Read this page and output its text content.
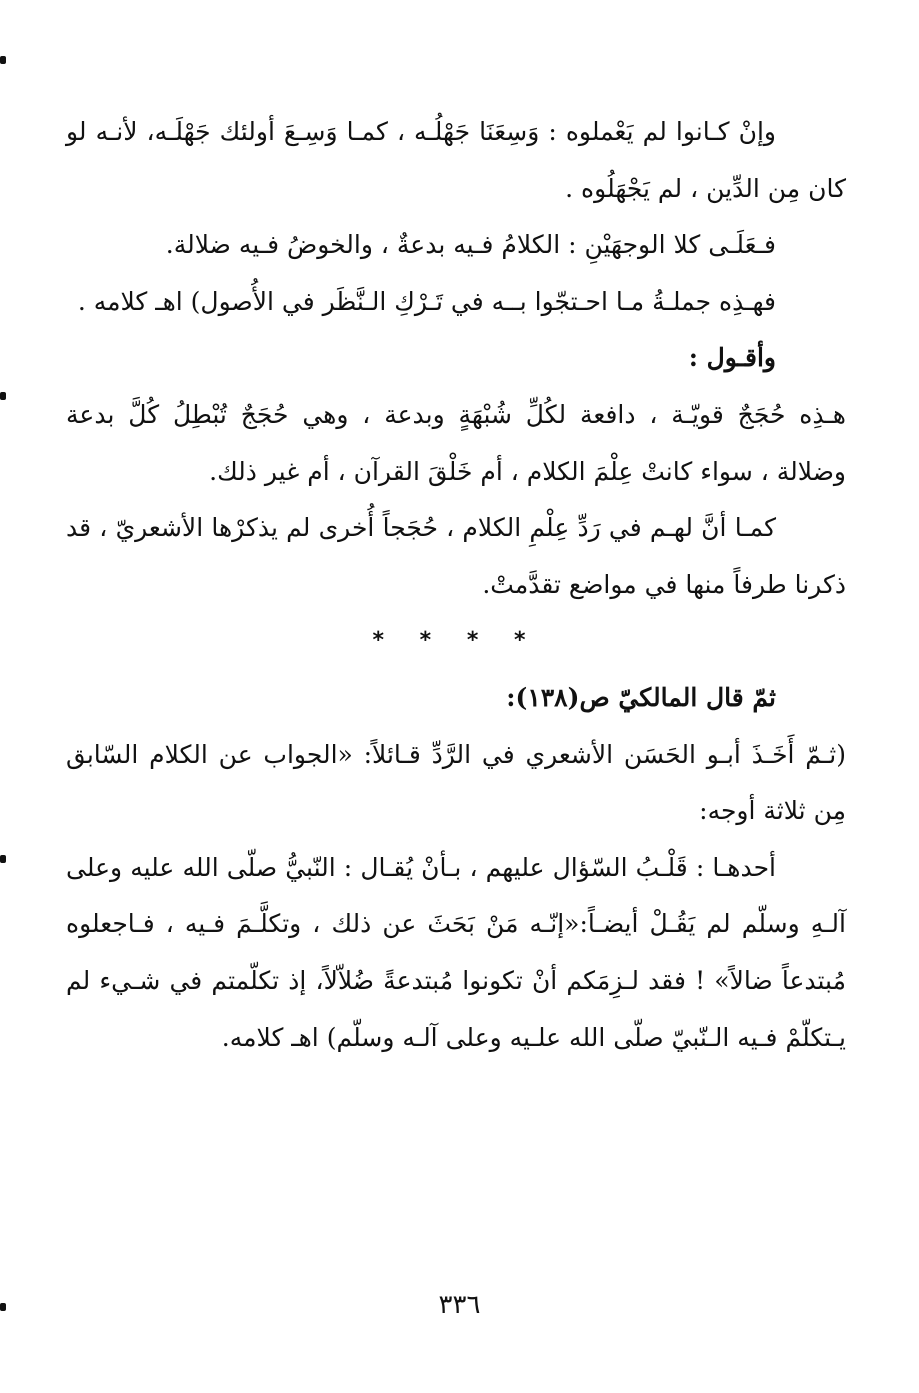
وإنْ كـانوا لم يَعْملوه : وَسِعَنَا جَهْلُـه ، كمـا وَسِـعَ أولئك جَهْلَـه، لأنـه لو كان مِن الدِّين ، لم يَجْهَلُوه .

فـعَلَـى كلا الوجهَيْنِ : الكلامُ فـيه بدعةٌ ، والخوضُ فـيه ضلالة.

فهـذِه جملـةُ مـا احـتجّوا بــه في تَـرْكِ الـنَّظَر في الأُصول) اهـ كلامه .

وأقـول :

هـذِه حُجَجٌ قويّـة ، دافعة لكُلِّ شُبْهَةٍ وبدعة ، وهي حُجَجٌ تُبْطِلُ كُلَّ بدعة وضلالة ، سواء كانتْ عِلْمَ الكلام ، أم خَلْقَ القرآن ، أم غير ذلك.

كمـا أنَّ لهـم في رَدِّ عِلْمِ الكلام ، حُجَجاً أُخرى لم يذكرْها الأشعريّ ، قد ذكرنا طرفاً منها في مواضع تقدَّمتْ.

* * * *

ثمّ قال المالكيّ ص(١٣٨):

(ثـمّ أَخَـذَ أبـو الحَسَن الأشعري في الرَّدِّ قـائلاً: «الجواب عن الكلام السّابق مِن ثلاثة أوجه:

أحدهـا : قَلْـبُ السّؤال عليهم ، بـأنْ يُقـال : النّبيُّ صلّى الله عليه وعلى آلـهِ وسلّم لم يَقُـلْ أيضـاً:«إنّـه مَنْ بَحَثَ عن ذلك ، وتكلَّـمَ فـيه ، فـاجعلوه مُبتدعاً ضالاً» ! فقد لـزِمَكم أنْ تكونوا مُبتدعةً ضُلاّلاً، إذ تكلّمتم في شـيء لم يـتكلّمْ فـيه الـنّبيّ صلّى الله علـيه وعلى آلـه وسلّم) اهـ كلامه.

٣٣٦
